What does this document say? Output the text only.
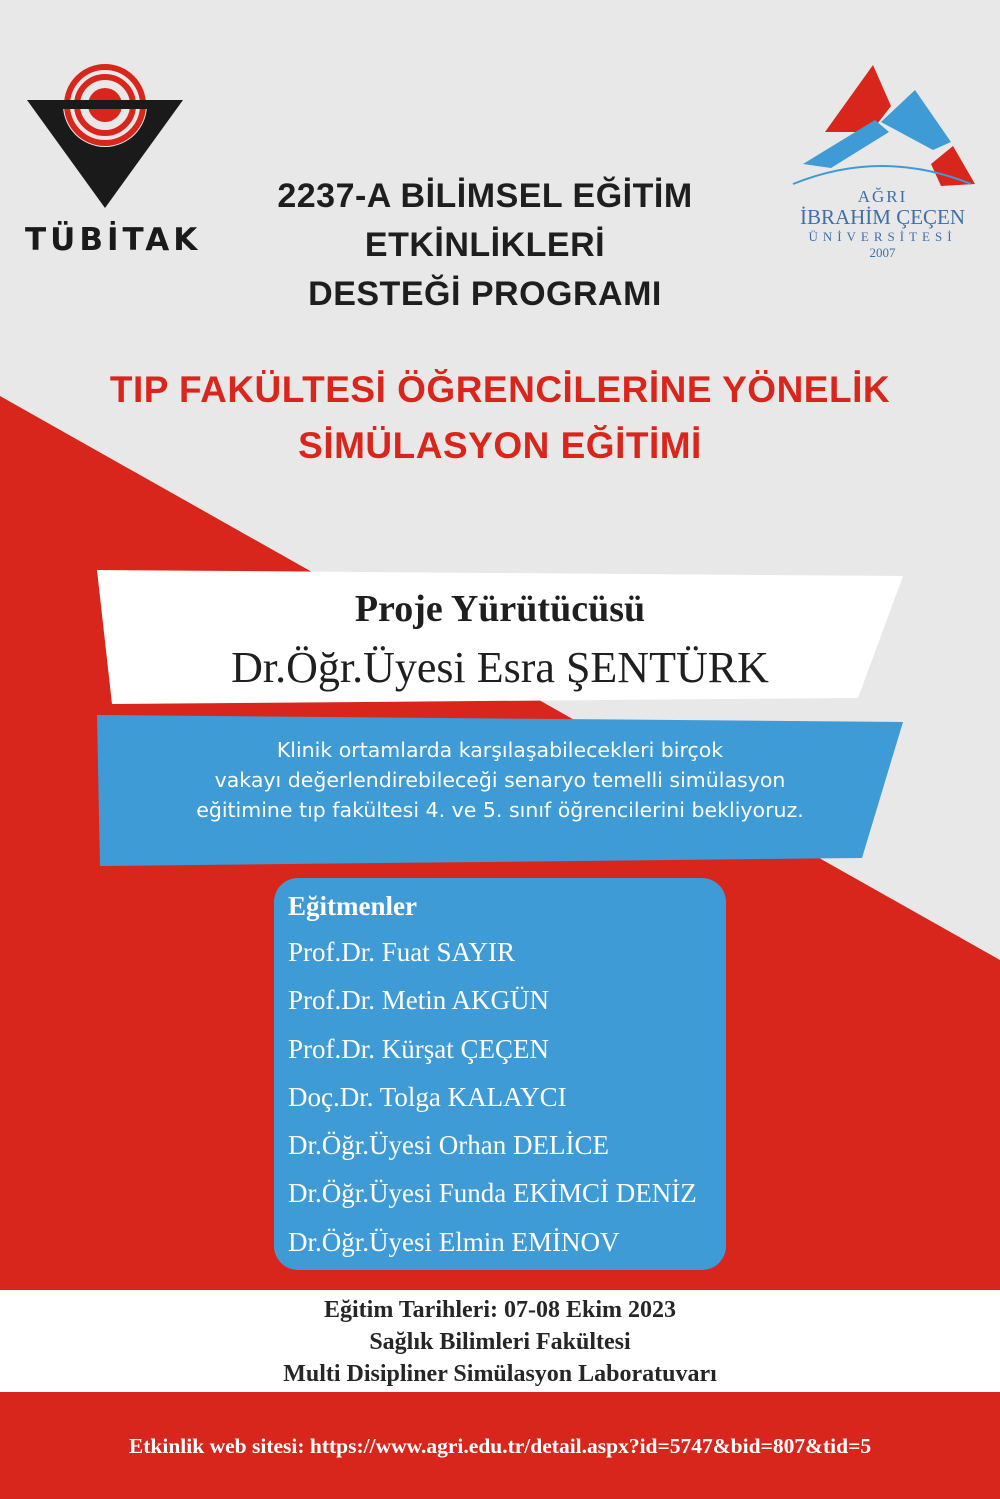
TÜBİTAK
AĞRI
İBRAHİM ÇEÇEN
ÜNİVERSİTESİ
2007
2237-A BİLİMSEL EĞİTİM
ETKİNLİKLERİ
DESTEĞİ PROGRAMI
TIP FAKÜLTESİ ÖĞRENCİLERİNE YÖNELİK
SİMÜLASYON EĞİTİMİ
Proje Yürütücüsü
Dr.Öğr.Üyesi Esra ŞENTÜRK
Klinik ortamlarda karşılaşabilecekleri birçok
vakayı değerlendirebileceği senaryo temelli simülasyon
eğitimine tıp fakültesi 4. ve 5. sınıf öğrencilerini bekliyoruz.
Eğitmenler
Prof.Dr. Fuat SAYIR
Prof.Dr. Metin AKGÜN
Prof.Dr. Kürşat ÇEÇEN
Doç.Dr. Tolga KALAYCI
Dr.Öğr.Üyesi Orhan DELİCE
Dr.Öğr.Üyesi Funda EKİMCİ DENİZ
Dr.Öğr.Üyesi Elmin EMİNOV
Eğitim Tarihleri: 07-08 Ekim 2023
Sağlık Bilimleri Fakültesi
Multi Disipliner Simülasyon Laboratuvarı
Etkinlik web sitesi: https://www.agri.edu.tr/detail.aspx?id=5747&bid=807&tid=5
